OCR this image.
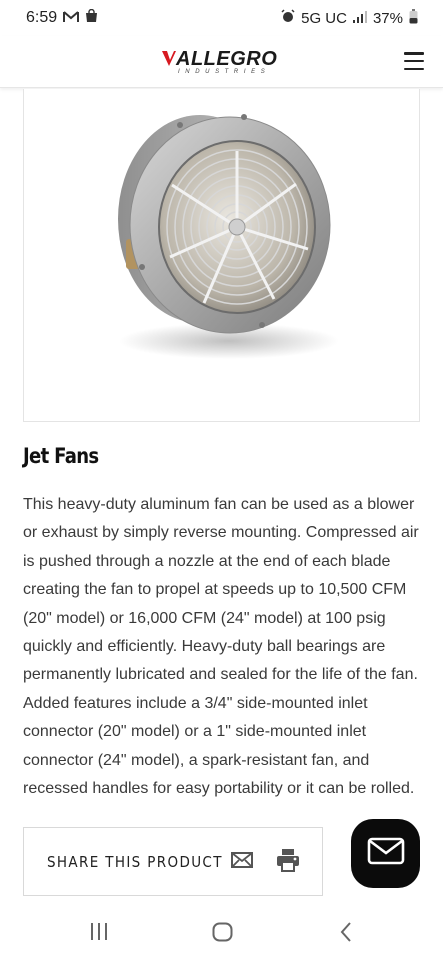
6:59	5G UC 37%
ALLEGRO
INDUSTRIES
Jet Fans

This heavy-duty aluminum fan can be used as a blower or exhaust by simply reverse mounting. Compressed air is pushed through a nozzle at the end of each blade creating the fan to propel at speeds up to 10,500 CFM (20" model) or 16,000 CFM (24" model) at 100 psig quickly and efficiently. Heavy-duty ball bearings are permanently lubricated and sealed for the life of the fan. Added features include a 3/4" side-mounted inlet connector (20" model) or a 1" side-mounted inlet connector (24" model), a spark-resistant fan, and recessed handles for easy portability or it can be rolled.

SHARE THIS PRODUCT
